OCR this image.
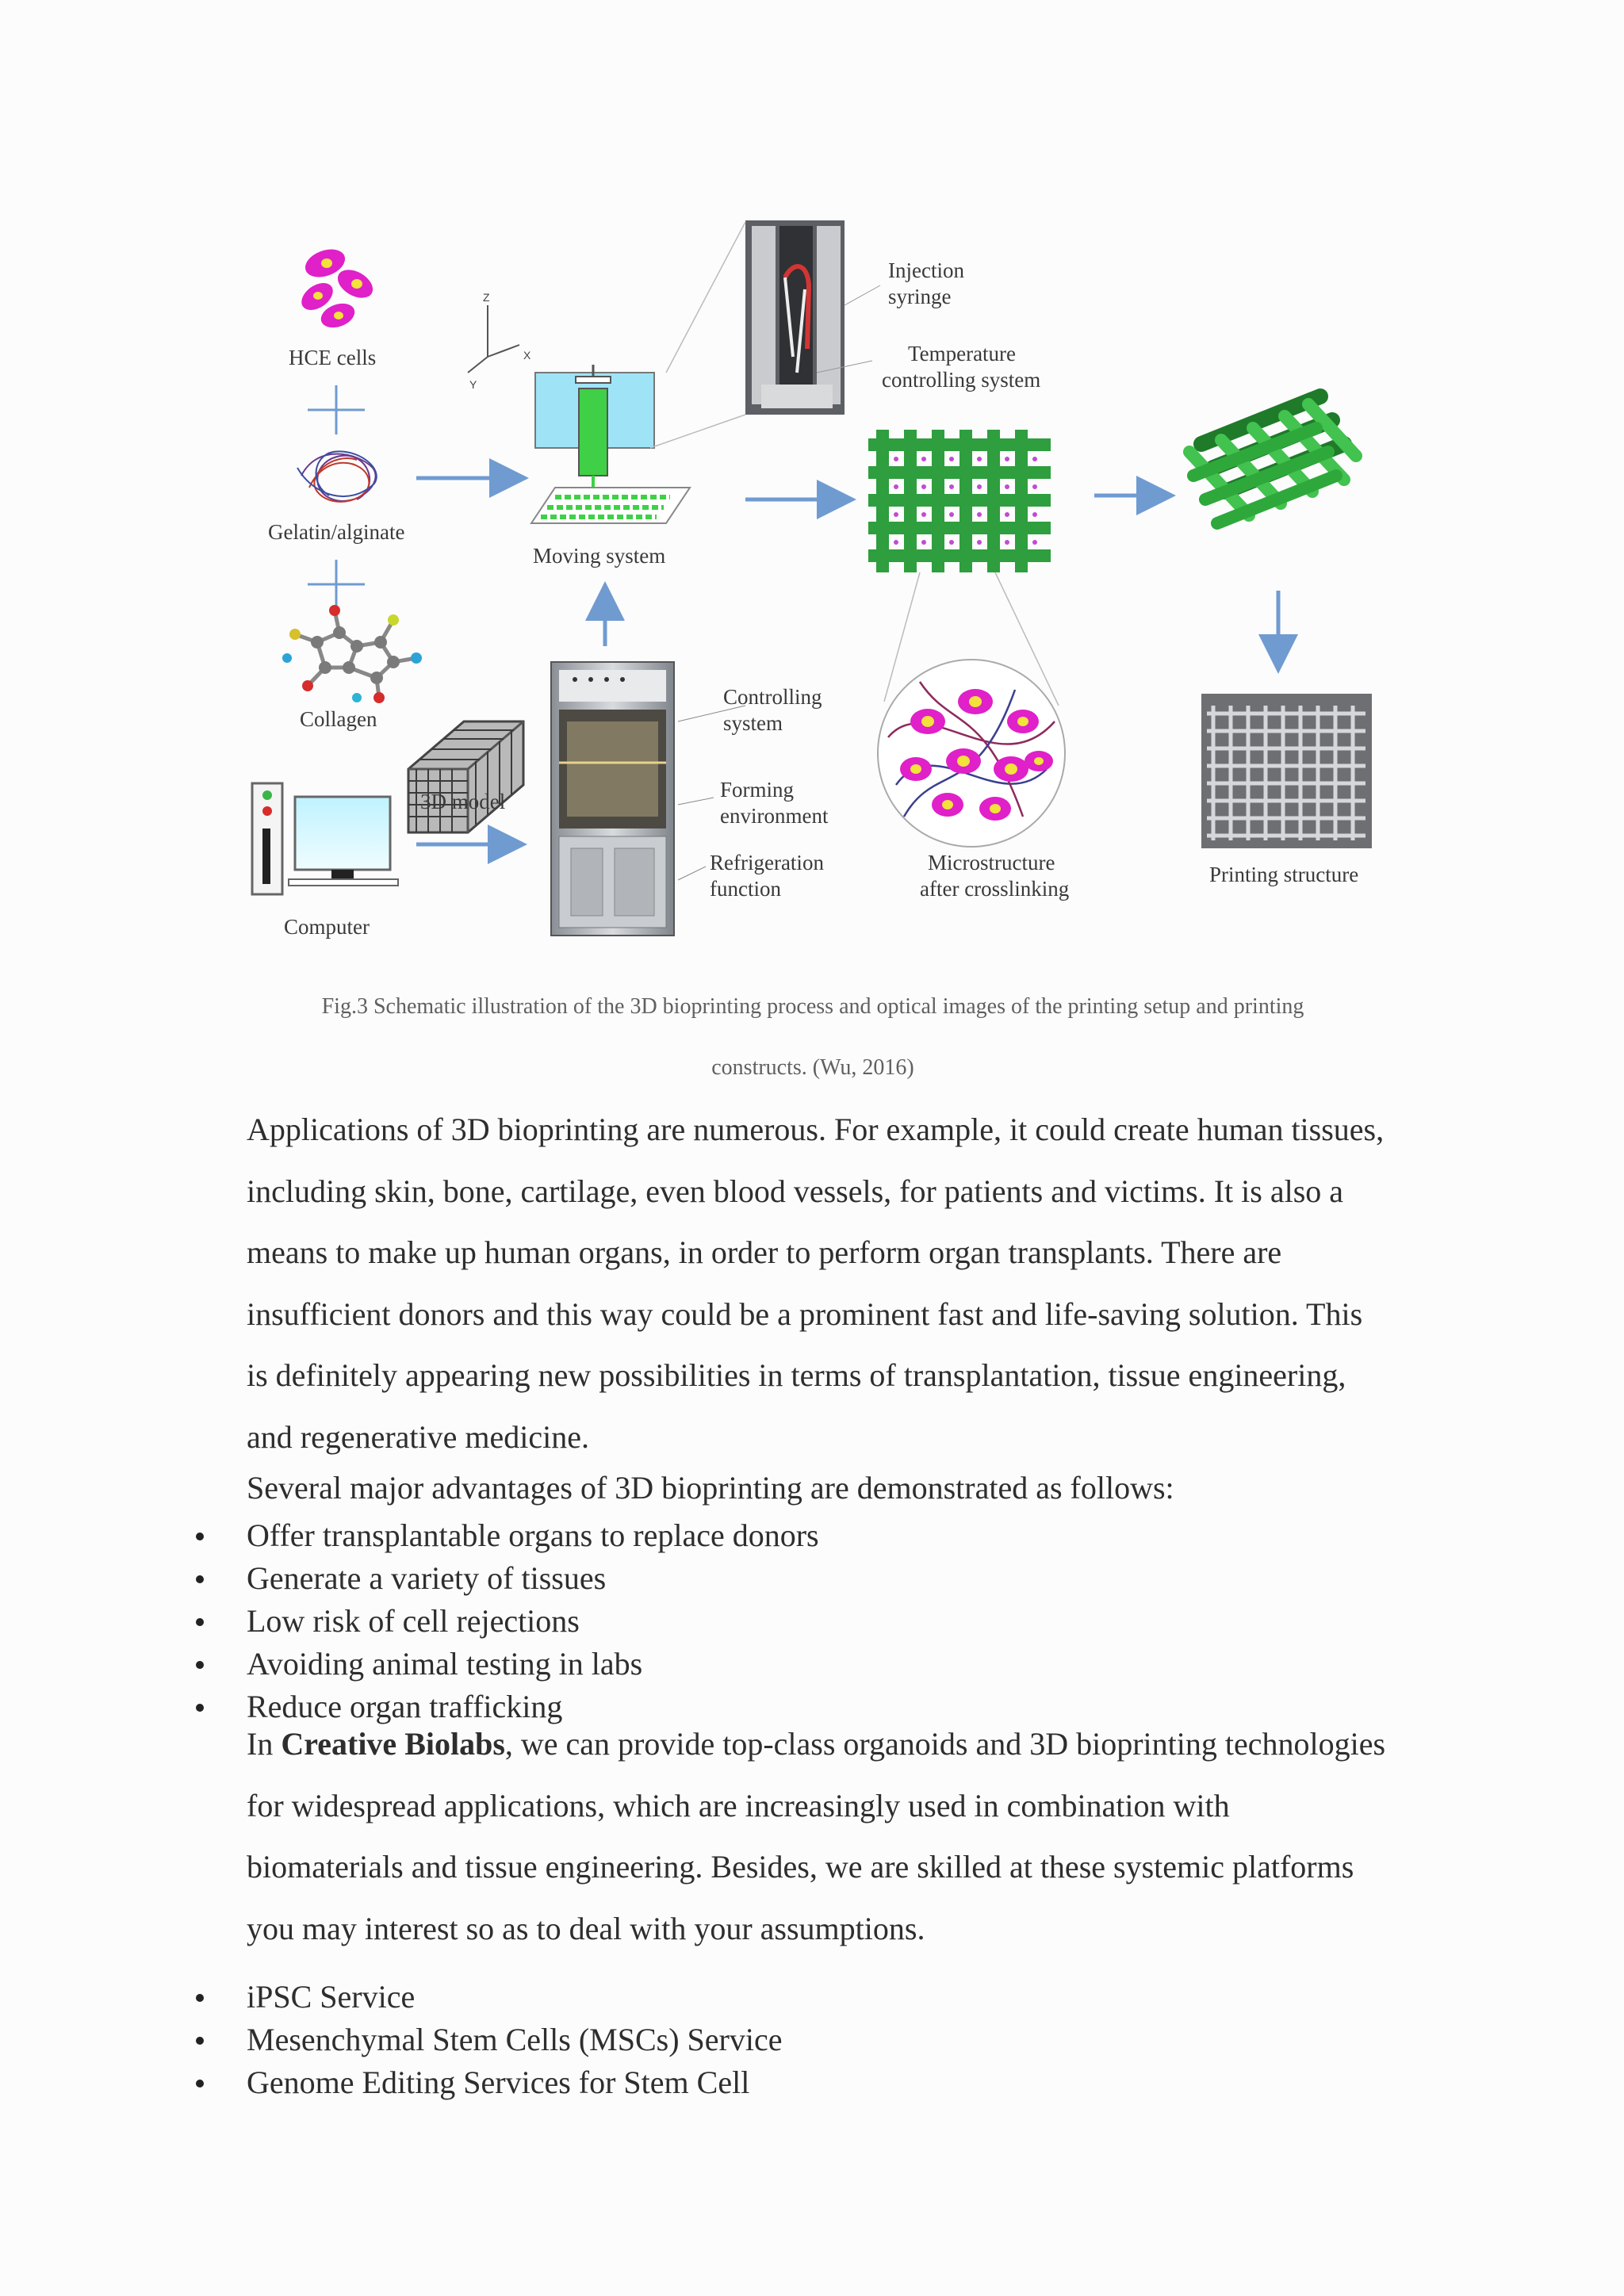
HCE cells
Gelatin/alginate
Collagen
Computer
3D model
Z
X
Y
Moving system
Controlling
system
Forming
environment
Refrigeration
function
Injection
syringe
Temperature
controlling system
Microstructure
after crosslinking
Printing structure
Fig.3 Schematic illustration of the 3D bioprinting process and optical images of the printing setup and printing
constructs. (Wu, 2016)
Applications of 3D bioprinting are numerous. For example, it could create human tissues, including skin, bone, cartilage, even blood vessels, for patients and victims. It is also a means to make up human organs, in order to perform organ transplants. There are insufficient donors and this way could be a prominent fast and life-saving solution. This is definitely appearing new possibilities in terms of transplantation, tissue engineering, and regenerative medicine.
Several major advantages of 3D bioprinting are demonstrated as follows:
Offer transplantable organs to replace donors
Generate a variety of tissues
Low risk of cell rejections
Avoiding animal testing in labs
Reduce organ trafficking
In Creative Biolabs, we can provide top-class organoids and 3D bioprinting technologies for widespread applications, which are increasingly used in combination with biomaterials and tissue engineering. Besides, we are skilled at these systemic platforms you may interest so as to deal with your assumptions.
iPSC Service
Mesenchymal Stem Cells (MSCs) Service
Genome Editing Services for Stem Cell
